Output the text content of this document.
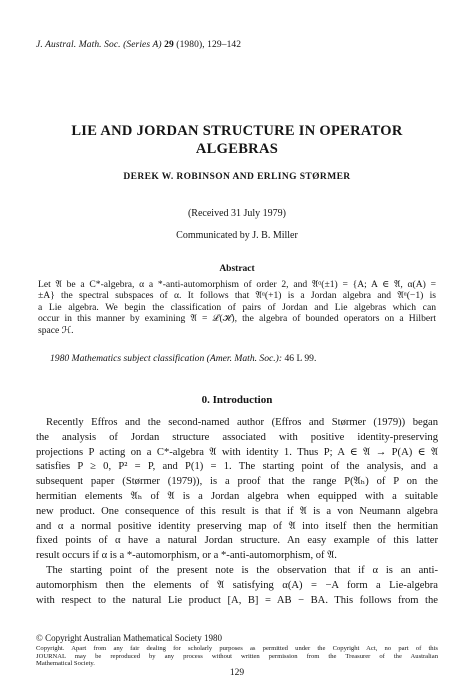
J. Austral. Math. Soc. (Series A) 29 (1980), 129–142
LIE AND JORDAN STRUCTURE IN OPERATOR
ALGEBRAS
DEREK W. ROBINSON AND ERLING STØRMER
(Received 31 July 1979)
Communicated by J. B. Miller
Abstract
Let 𝔄 be a C*-algebra, α a *-anti-automorphism of order 2, and 𝔄ᵅ(±1) = {A; A ∈ 𝔄, α(A) =
±A} the spectral subspaces of α. It follows that 𝔄ᵅ(+1) is a Jordan algebra and 𝔄ᵅ(−1) is
a Lie algebra. We begin the classification of pairs of Jordan and Lie algebras which can
occur in this manner by examining 𝔄 = ℒ(ℋ), the algebra of bounded operators on a Hilbert
space ℋ.
1980 Mathematics subject classification (Amer. Math. Soc.): 46 L 99.
0. Introduction
Recently Effros and the second-named author (Effros and Størmer (1979)) began
the analysis of Jordan structure associated with positive identity-preserving
projections P acting on a C*-algebra 𝔄 with identity 1. Thus P; A ∈ 𝔄 → P(A) ∈ 𝔄
satisfies P ≥ 0, P² = P, and P(1) = 1. The starting point of the analysis, and a
subsequent paper (Størmer (1979)), is a proof that the range P(𝔄ₕ) of P on the
hermitian elements 𝔄ₕ of 𝔄 is a Jordan algebra when equipped with a suitable
new product. One consequence of this result is that if 𝔄 is a von Neumann algebra
and α a normal positive identity preserving map of 𝔄 into itself then the hermitian
fixed points of α have a natural Jordan structure. An easy example of this latter
result occurs if α is a *-automorphism, or a *-anti-automorphism, of 𝔄.
The starting point of the present note is the observation that if α is an anti-
automorphism then the elements of 𝔄 satisfying α(A) = −A form a Lie-algebra
with respect to the natural Lie product [A, B] = AB − BA. This follows from the
© Copyright Australian Mathematical Society 1980
Copyright. Apart from any fair dealing for scholarly purposes as permitted under the Copyright Act, no part of this
JOURNAL may be reproduced by any process without written permission from the Treasurer of the Australian
Mathematical Society.
129
